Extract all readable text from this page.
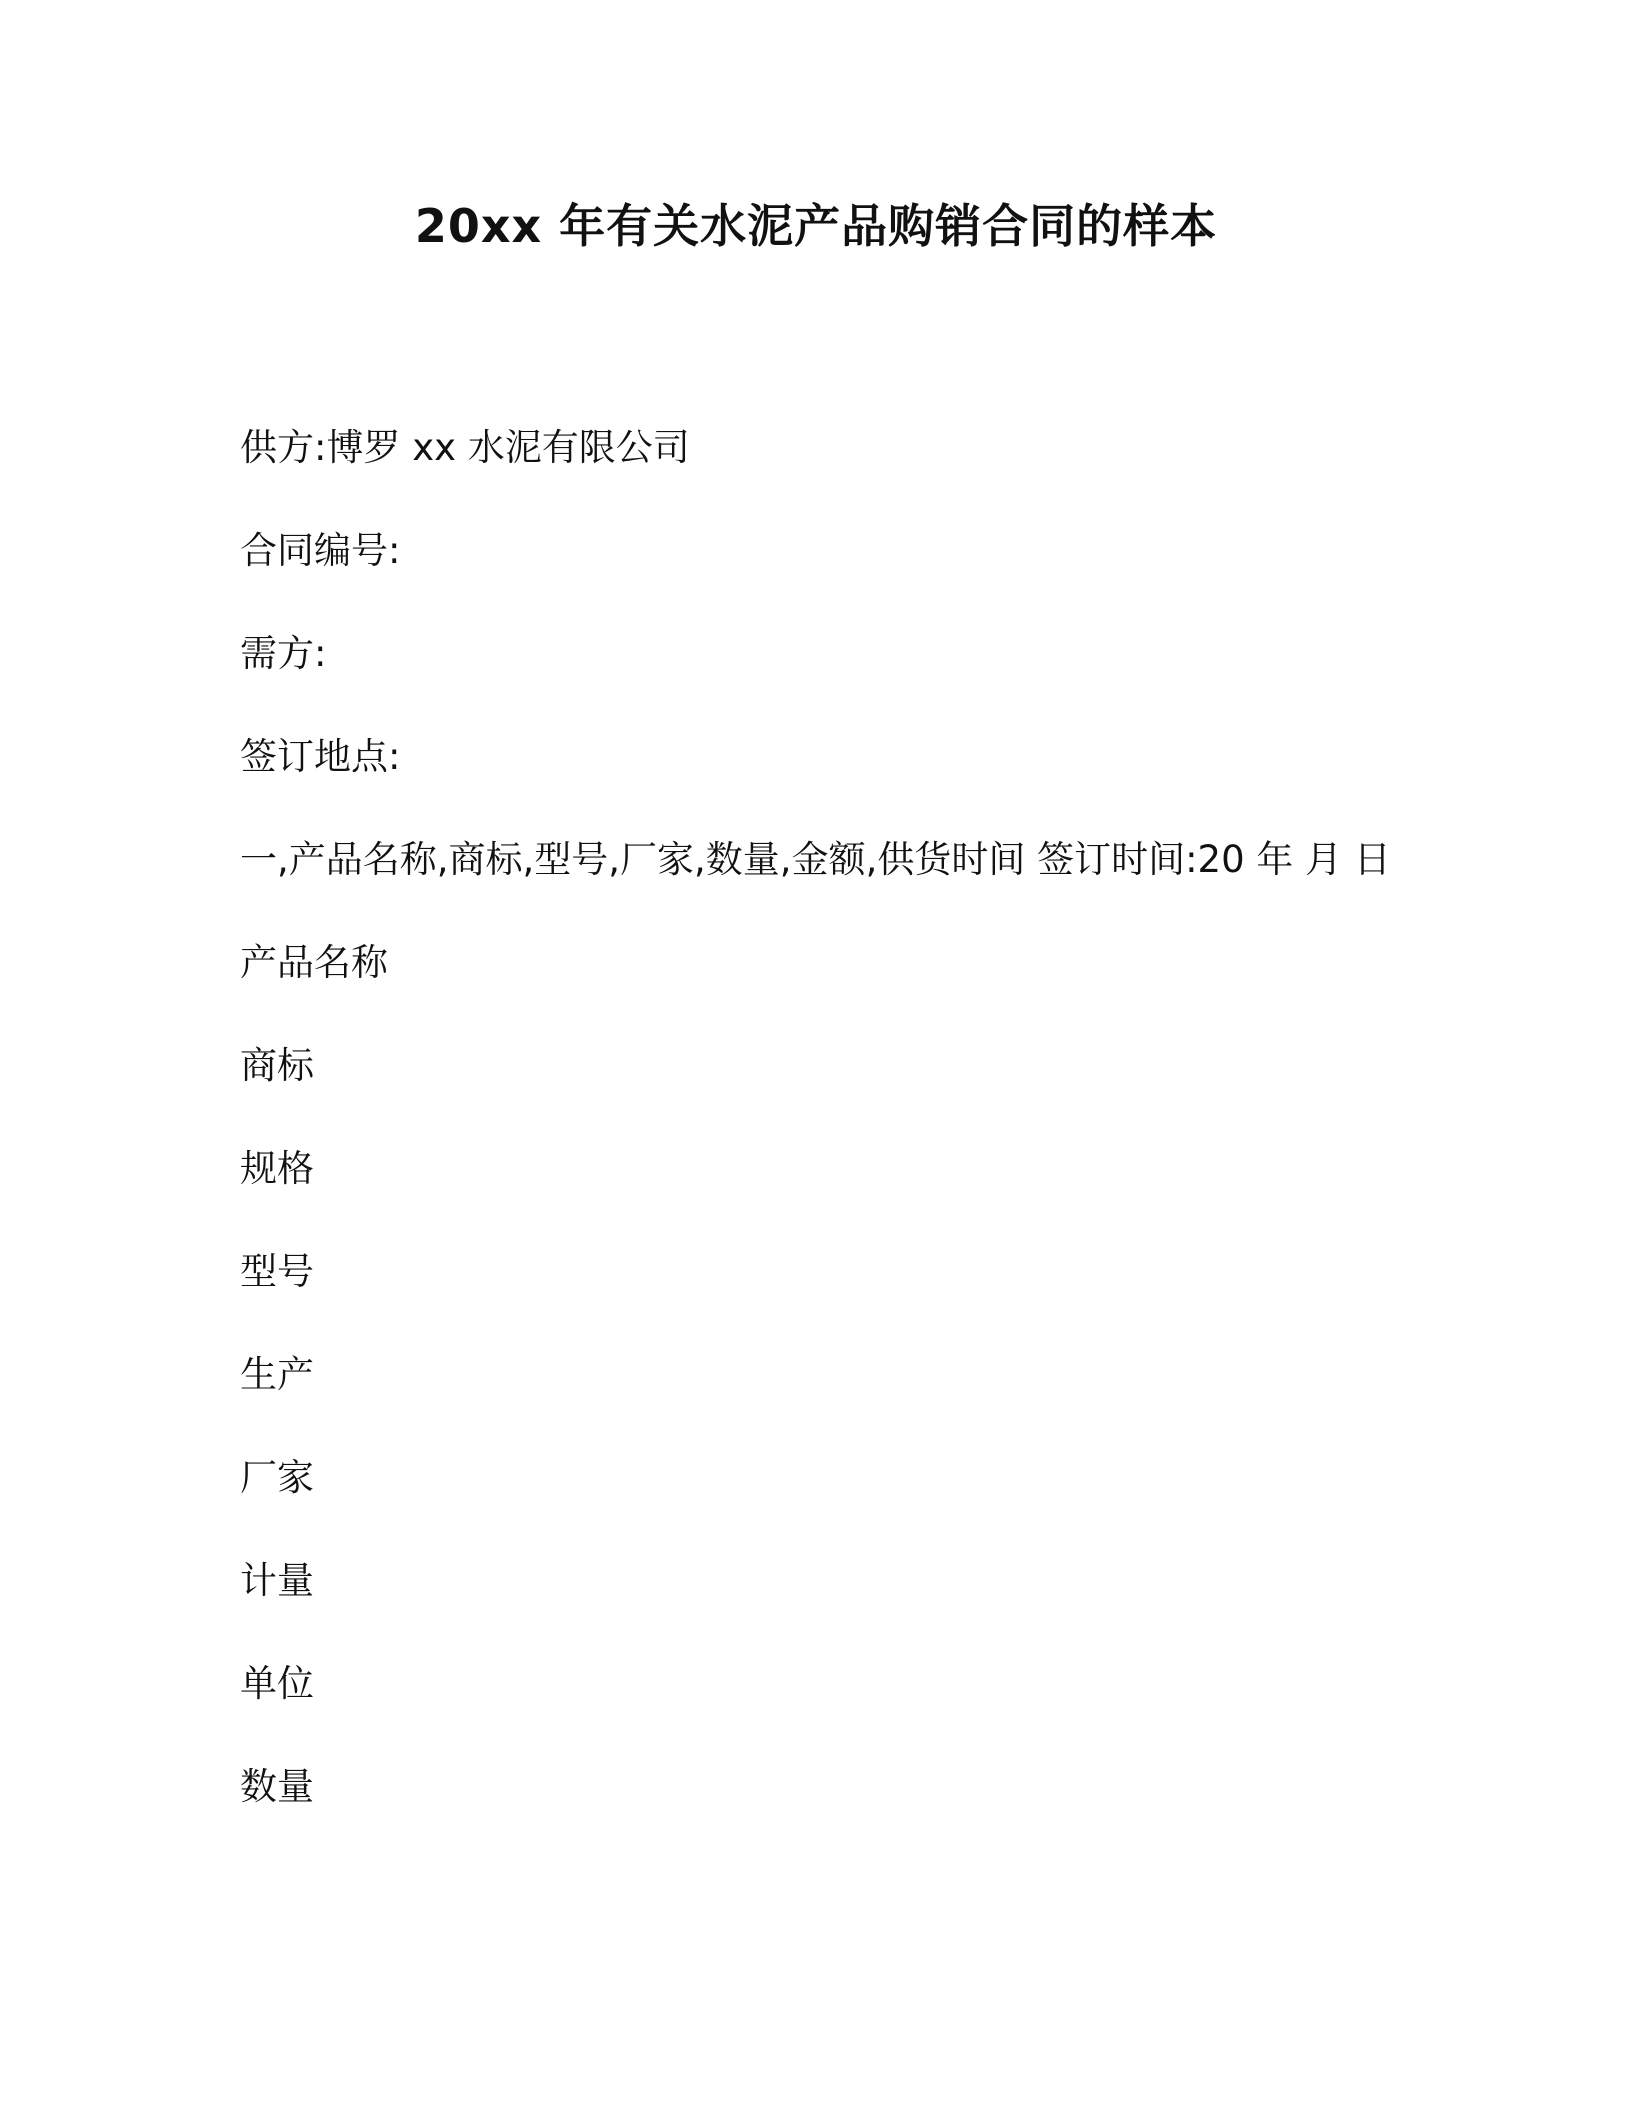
20xx 年有关水泥产品购销合同的样本
供方:博罗 xx 水泥有限公司
合同编号:
需方:
签订地点:
一,产品名称,商标,型号,厂家,数量,金额,供货时间 签订时间:20 年 月 日
产品名称
商标
规格
型号
生产
厂家
计量
单位
数量
